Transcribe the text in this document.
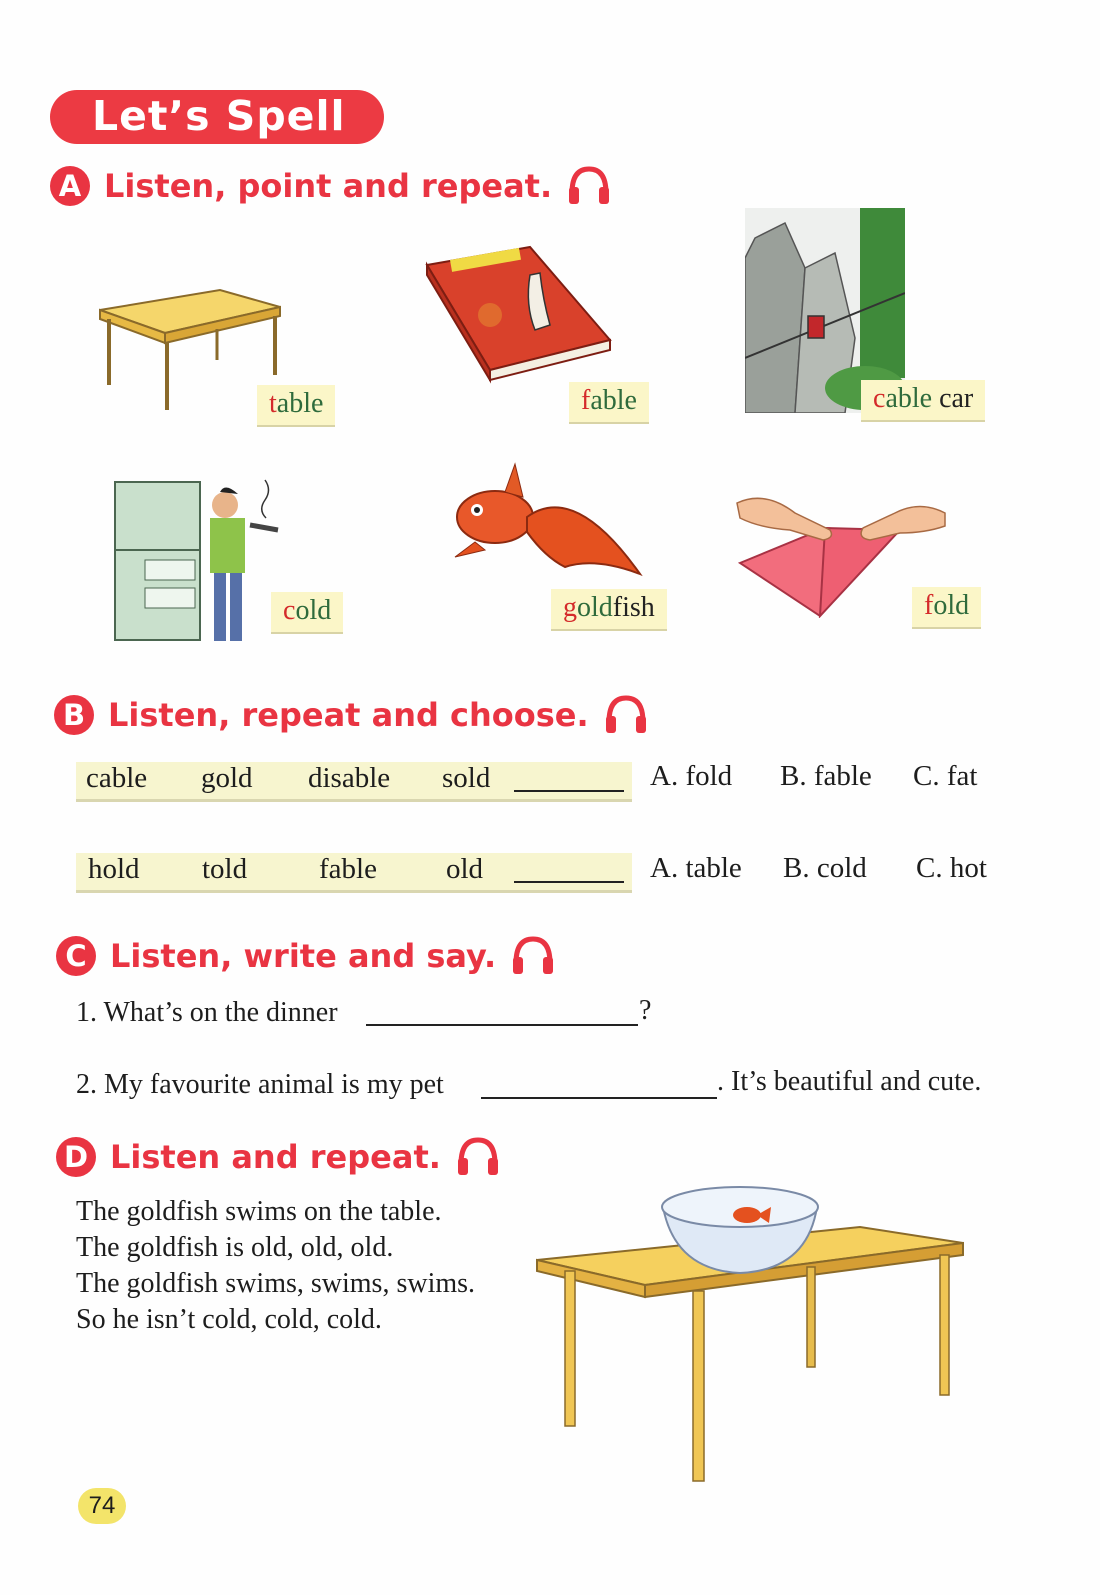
Let’s Spell
A Listen, point and repeat.
table	fable	cable car
cold	goldfish	fold
B Listen, repeat and choose.
cable gold disable sold	A. fold B. fable C. fat
hold told fable old	A. table B. cold C. hot
C Listen, write and say.
1. What’s on the dinner	?
2. My favourite animal is my pet	. It’s beautiful and cute.
D Listen and repeat.
The goldfish swims on the table.
The goldfish is old, old, old.
The goldfish swims, swims, swims.
So he isn’t cold, cold, cold.
74
